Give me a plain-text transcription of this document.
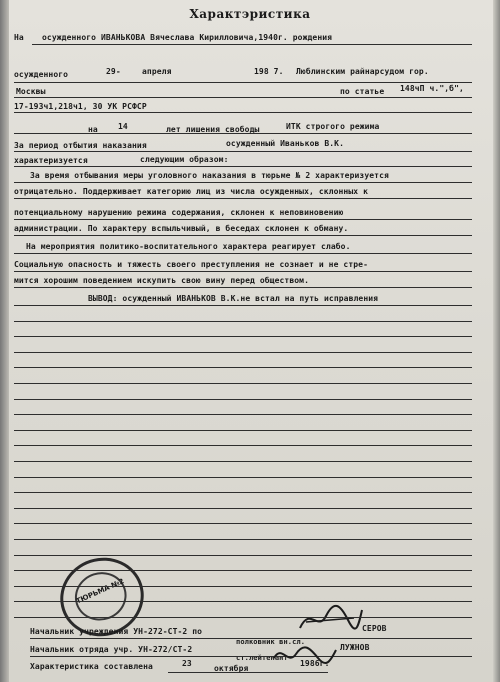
Характэристика
На осужденного ИВАНЬКОВА Вячеслава Кирилловича,1940г. рождения
осужденного	29-	апреля	198 7. Люблинским райнарсудом гор.
Москвы	по статье 148чП ч.",б",
17-193ч1,218ч1, 30 УК РСФСР
на	14	лет лишения свободы	ИТК строгого режима
За период отбытия наказания	осужденный Иваньков В.К.
характеризуется	следующим образом:
За время отбывания меры уголовного наказания в тюрьме № 2 характеризуется
отрицательно. Поддерживает категорию лиц из числа осужденных, склонных к
потенциальному нарушению режима содержания, склонен к неповиновению
администрации. По характеру вспыльчивый, в беседах склонен к обману.
На мероприятия политико-воспитательного характера реагирует слабо.
Социальную опасность и тяжесть своего преступления не сознает и не стре-
мится хорошим поведением искупить свою вину перед обществом.
ВЫВОД: осужденный ИВАНЬКОВ В.К.не встал на путь исправления
ТЮРЬМА №2
Начальник учреждения УН-272-СТ-2 по
полковник вн.сл.
СЕРОВ
Начальник отряда учр. УН-272/СТ-2
ст.лейтенант
ЛУЖНОВ
Характеристика составлена	23
октября
1986г.
